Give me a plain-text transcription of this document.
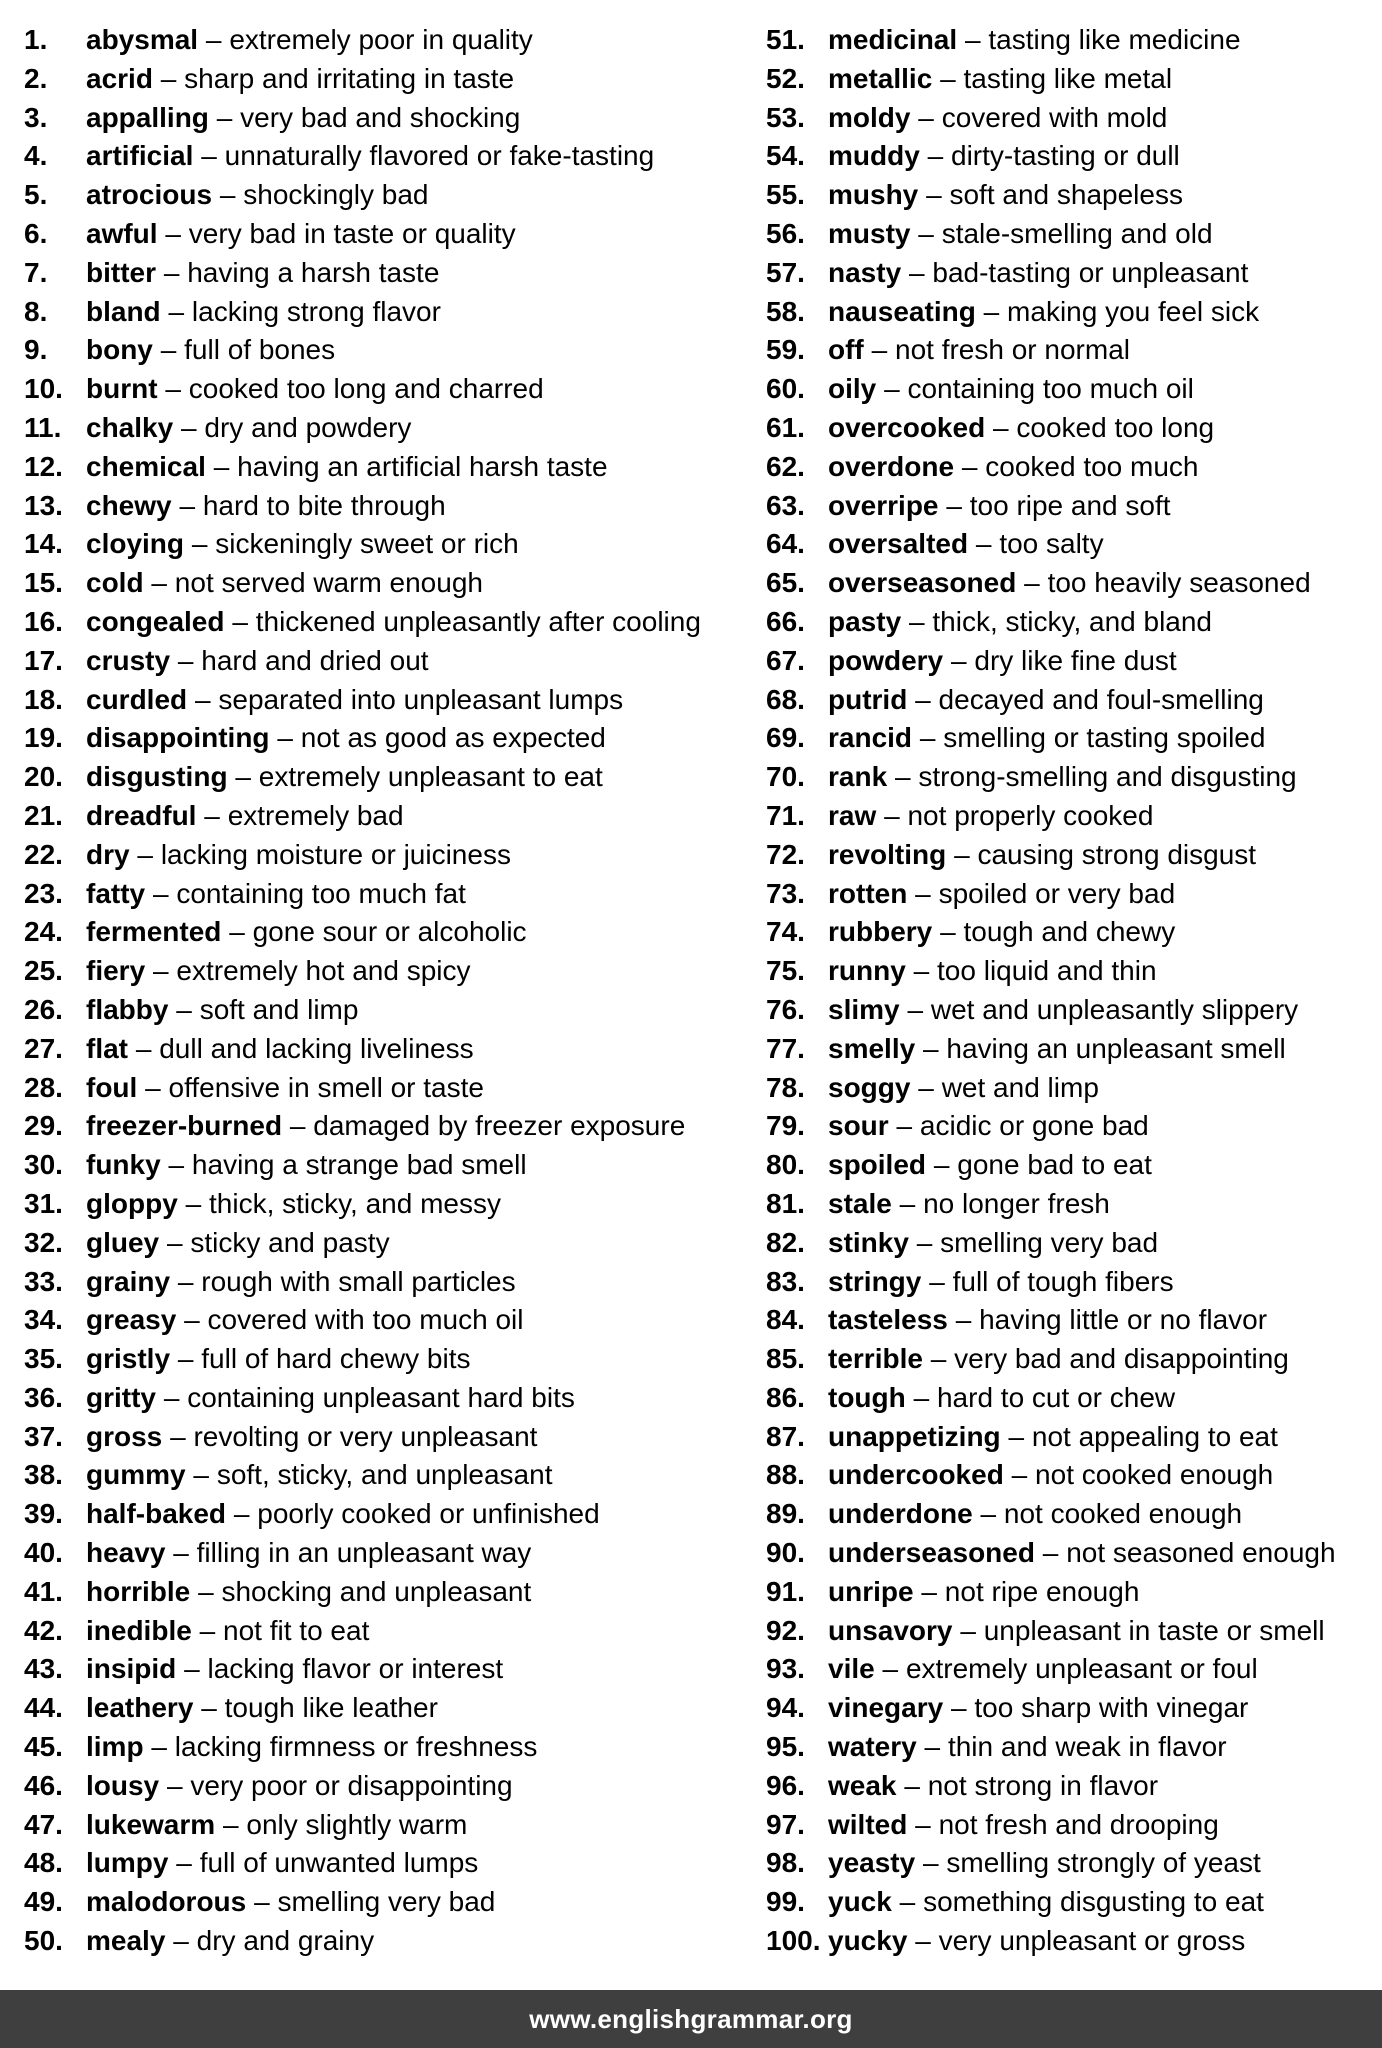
1.	abysmal – extremely poor in quality
2.	acrid – sharp and irritating in taste
3.	appalling – very bad and shocking
4.	artificial – unnaturally flavored or fake-tasting
5.	atrocious – shockingly bad
6.	awful – very bad in taste or quality
7.	bitter – having a harsh taste
8.	bland – lacking strong flavor
9.	bony – full of bones
10. burnt – cooked too long and charred
11. chalky – dry and powdery
12. chemical – having an artificial harsh taste
13. chewy – hard to bite through
14. cloying – sickeningly sweet or rich
15. cold – not served warm enough
16. congealed – thickened unpleasantly after cooling
17. crusty – hard and dried out
18. curdled – separated into unpleasant lumps
19. disappointing – not as good as expected
20. disgusting – extremely unpleasant to eat
21. dreadful – extremely bad
22. dry – lacking moisture or juiciness
23. fatty – containing too much fat
24. fermented – gone sour or alcoholic
25. fiery – extremely hot and spicy
26. flabby – soft and limp
27. flat – dull and lacking liveliness
28. foul – offensive in smell or taste
29. freezer-burned – damaged by freezer exposure
30. funky – having a strange bad smell
31. gloppy – thick, sticky, and messy
32. gluey – sticky and pasty
33. grainy – rough with small particles
34. greasy – covered with too much oil
35. gristly – full of hard chewy bits
36. gritty – containing unpleasant hard bits
37. gross – revolting or very unpleasant
38. gummy – soft, sticky, and unpleasant
39. half-baked – poorly cooked or unfinished
40. heavy – filling in an unpleasant way
41. horrible – shocking and unpleasant
42. inedible – not fit to eat
43. insipid – lacking flavor or interest
44. leathery – tough like leather
45. limp – lacking firmness or freshness
46. lousy – very poor or disappointing
47. lukewarm – only slightly warm
48. lumpy – full of unwanted lumps
49. malodorous – smelling very bad
50. mealy – dry and grainy
51. medicinal – tasting like medicine
52. metallic – tasting like metal
53. moldy – covered with mold
54. muddy – dirty-tasting or dull
55. mushy – soft and shapeless
56. musty – stale-smelling and old
57. nasty – bad-tasting or unpleasant
58. nauseating – making you feel sick
59. off – not fresh or normal
60. oily – containing too much oil
61. overcooked – cooked too long
62. overdone – cooked too much
63. overripe – too ripe and soft
64. oversalted – too salty
65. overseasoned – too heavily seasoned
66. pasty – thick, sticky, and bland
67. powdery – dry like fine dust
68. putrid – decayed and foul-smelling
69. rancid – smelling or tasting spoiled
70. rank – strong-smelling and disgusting
71. raw – not properly cooked
72. revolting – causing strong disgust
73. rotten – spoiled or very bad
74. rubbery – tough and chewy
75. runny – too liquid and thin
76. slimy – wet and unpleasantly slippery
77. smelly – having an unpleasant smell
78. soggy – wet and limp
79. sour – acidic or gone bad
80. spoiled – gone bad to eat
81. stale – no longer fresh
82. stinky – smelling very bad
83. stringy – full of tough fibers
84. tasteless – having little or no flavor
85. terrible – very bad and disappointing
86. tough – hard to cut or chew
87. unappetizing – not appealing to eat
88. undercooked – not cooked enough
89. underdone – not cooked enough
90. underseasoned – not seasoned enough
91. unripe – not ripe enough
92. unsavory – unpleasant in taste or smell
93. vile – extremely unpleasant or foul
94. vinegary – too sharp with vinegar
95. watery – thin and weak in flavor
96. weak – not strong in flavor
97. wilted – not fresh and drooping
98. yeasty – smelling strongly of yeast
99. yuck – something disgusting to eat
100. yucky – very unpleasant or gross
www.englishgrammar.org
